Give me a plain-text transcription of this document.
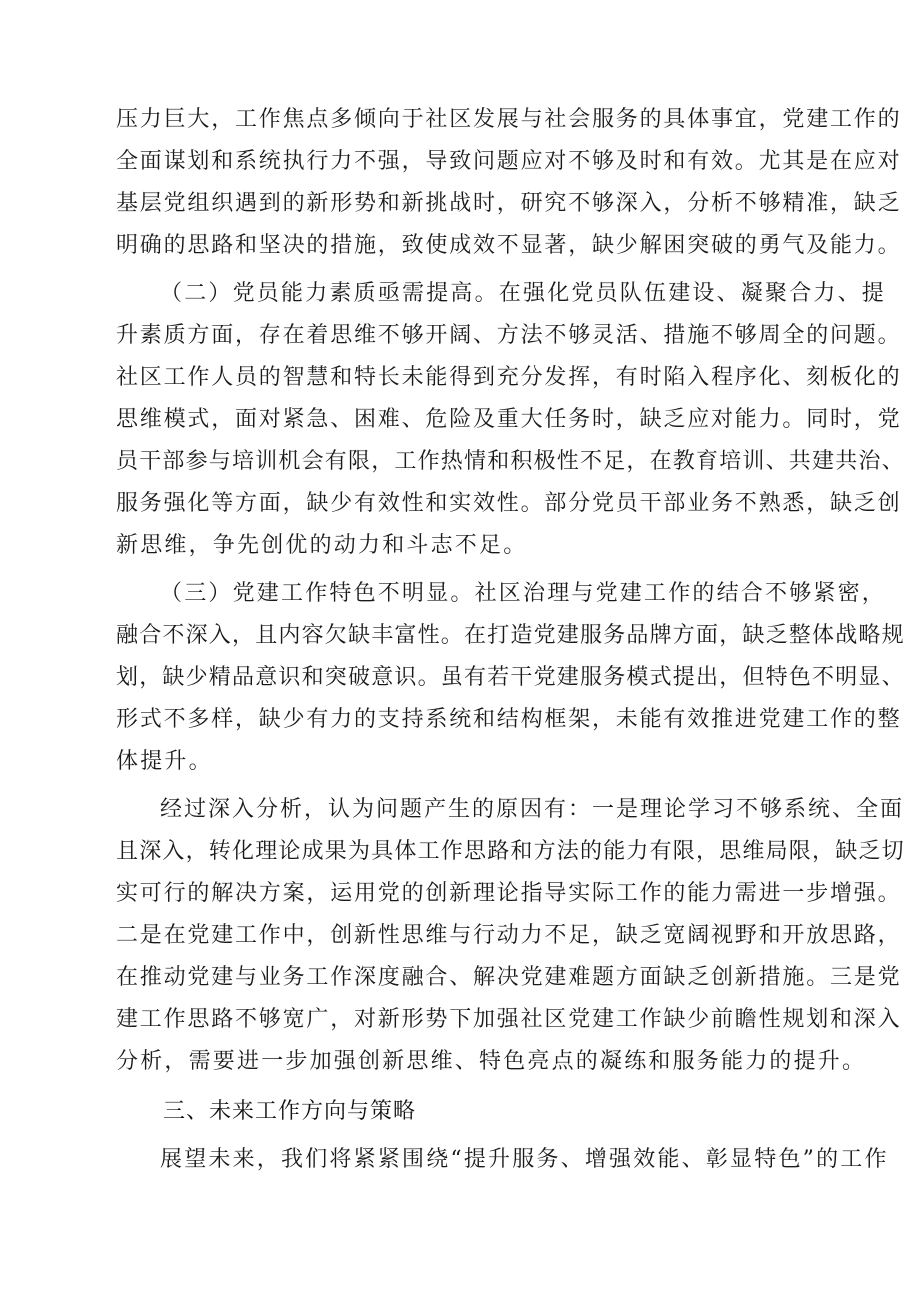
压力巨大，工作焦点多倾向于社区发展与社会服务的具体事宜，党建工作的
全面谋划和系统执行力不强，导致问题应对不够及时和有效。尤其是在应对
基层党组织遇到的新形势和新挑战时，研究不够深入，分析不够精准，缺乏
明确的思路和坚决的措施，致使成效不显著，缺少解困突破的勇气及能力。
（二）党员能力素质亟需提高。在强化党员队伍建设、凝聚合力、提
升素质方面，存在着思维不够开阔、方法不够灵活、措施不够周全的问题。
社区工作人员的智慧和特长未能得到充分发挥，有时陷入程序化、刻板化的
思维模式，面对紧急、困难、危险及重大任务时，缺乏应对能力。同时，党
员干部参与培训机会有限，工作热情和积极性不足，在教育培训、共建共治、
服务强化等方面，缺少有效性和实效性。部分党员干部业务不熟悉，缺乏创
新思维，争先创优的动力和斗志不足。
（三）党建工作特色不明显。社区治理与党建工作的结合不够紧密，
融合不深入，且内容欠缺丰富性。在打造党建服务品牌方面，缺乏整体战略规
划，缺少精品意识和突破意识。虽有若干党建服务模式提出，但特色不明显、
形式不多样，缺少有力的支持系统和结构框架，未能有效推进党建工作的整
体提升。
经过深入分析，认为问题产生的原因有：一是理论学习不够系统、全面
且深入，转化理论成果为具体工作思路和方法的能力有限，思维局限，缺乏切
实可行的解决方案，运用党的创新理论指导实际工作的能力需进一步增强。
二是在党建工作中，创新性思维与行动力不足，缺乏宽阔视野和开放思路，
在推动党建与业务工作深度融合、解决党建难题方面缺乏创新措施。三是党
建工作思路不够宽广，对新形势下加强社区党建工作缺少前瞻性规划和深入
分析，需要进一步加强创新思维、特色亮点的凝练和服务能力的提升。
三、未来工作方向与策略
展望未来，我们将紧紧围绕“提升服务、增强效能、彰显特色”的工作
